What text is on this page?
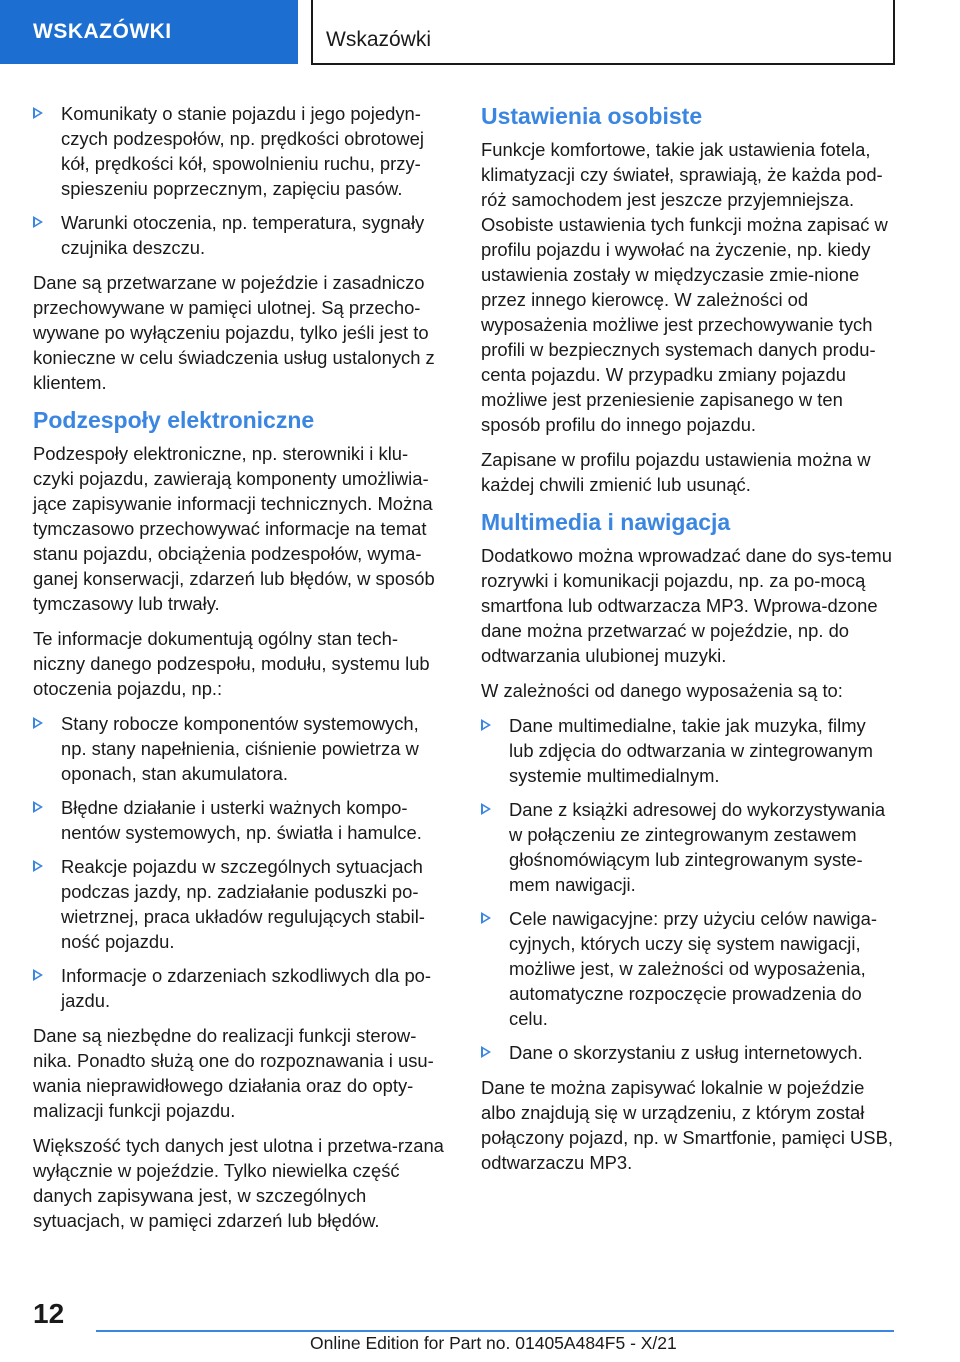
WSKAZÓWKI	Wskazówki
Komunikaty o stanie pojazdu i jego pojedyn-czych podzespołów, np. prędkości obrotowej kół, prędkości kół, spowolnieniu ruchu, przy-spieszeniu poprzecznym, zapięciu pasów.
Warunki otoczenia, np. temperatura, sygnały czujnika deszczu.

Dane są przetwarzane w pojeździe i zasadniczo przechowywane w pamięci ulotnej. Są przecho-wywane po wyłączeniu pojazdu, tylko jeśli jest to konieczne w celu świadczenia usług ustalonych z klientem.

Podzespoły elektroniczne

Podzespoły elektroniczne, np. sterowniki i klu-czyki pojazdu, zawierają komponenty umożliwia-jące zapisywanie informacji technicznych. Można tymczasowo przechowywać informacje na temat stanu pojazdu, obciążenia podzespołów, wyma-ganej konserwacji, zdarzeń lub błędów, w sposób tymczasowy lub trwały.

Te informacje dokumentują ogólny stan tech-niczny danego podzespołu, modułu, systemu lub otoczenia pojazdu, np.:

Stany robocze komponentów systemowych, np. stany napełnienia, ciśnienie powietrza w oponach, stan akumulatora.
Błędne działanie i usterki ważnych kompo-nentów systemowych, np. światła i hamulce.
Reakcje pojazdu w szczególnych sytuacjach podczas jazdy, np. zadziałanie poduszki po-wietrznej, praca układów regulujących stabil-ność pojazdu.
Informacje o zdarzeniach szkodliwych dla po-jazdu.

Dane są niezbędne do realizacji funkcji sterow-nika. Ponadto służą one do rozpoznawania i usu-wania nieprawidłowego działania oraz do opty-malizacji funkcji pojazdu.

Większość tych danych jest ulotna i przetwa-rzana wyłącznie w pojeździe. Tylko niewielka część danych zapisywana jest, w szczególnych sytuacjach, w pamięci zdarzeń lub błędów.

Ustawienia osobiste

Funkcje komfortowe, takie jak ustawienia fotela, klimatyzacji czy świateł, sprawiają, że każda pod-róż samochodem jest jeszcze przyjemniejsza. Osobiste ustawienia tych funkcji można zapisać w profilu pojazdu i wywołać na życzenie, np. kiedy ustawienia zostały w międzyczasie zmie-nione przez innego kierowcę. W zależności od wyposażenia możliwe jest przechowywanie tych profili w bezpiecznych systemach danych produ-centa pojazdu. W przypadku zmiany pojazdu możliwe jest przeniesienie zapisanego w ten sposób profilu do innego pojazdu.

Zapisane w profilu pojazdu ustawienia można w każdej chwili zmienić lub usunąć.

Multimedia i nawigacja

Dodatkowo można wprowadzać dane do sys-temu rozrywki i komunikacji pojazdu, np. za po-mocą smartfona lub odtwarzacza MP3. Wprowa-dzone dane można przetwarzać w pojeździe, np. do odtwarzania ulubionej muzyki.

W zależności od danego wyposażenia są to:

Dane multimedialne, takie jak muzyka, filmy lub zdjęcia do odtwarzania w zintegrowanym systemie multimedialnym.
Dane z książki adresowej do wykorzystywania w połączeniu ze zintegrowanym zestawem głośnomówiącym lub zintegrowanym syste-mem nawigacji.
Cele nawigacyjne: przy użyciu celów nawiga-cyjnych, których uczy się system nawigacji, możliwe jest, w zależności od wyposażenia, automatyczne rozpoczęcie prowadzenia do celu.
Dane o skorzystaniu z usług internetowych.

Dane te można zapisywać lokalnie w pojeździe albo znajdują się w urządzeniu, z którym został połączony pojazd, np. w Smartfonie, pamięci USB, odtwarzaczu MP3.

12
Online Edition for Part no. 01405A484F5 - X/21
